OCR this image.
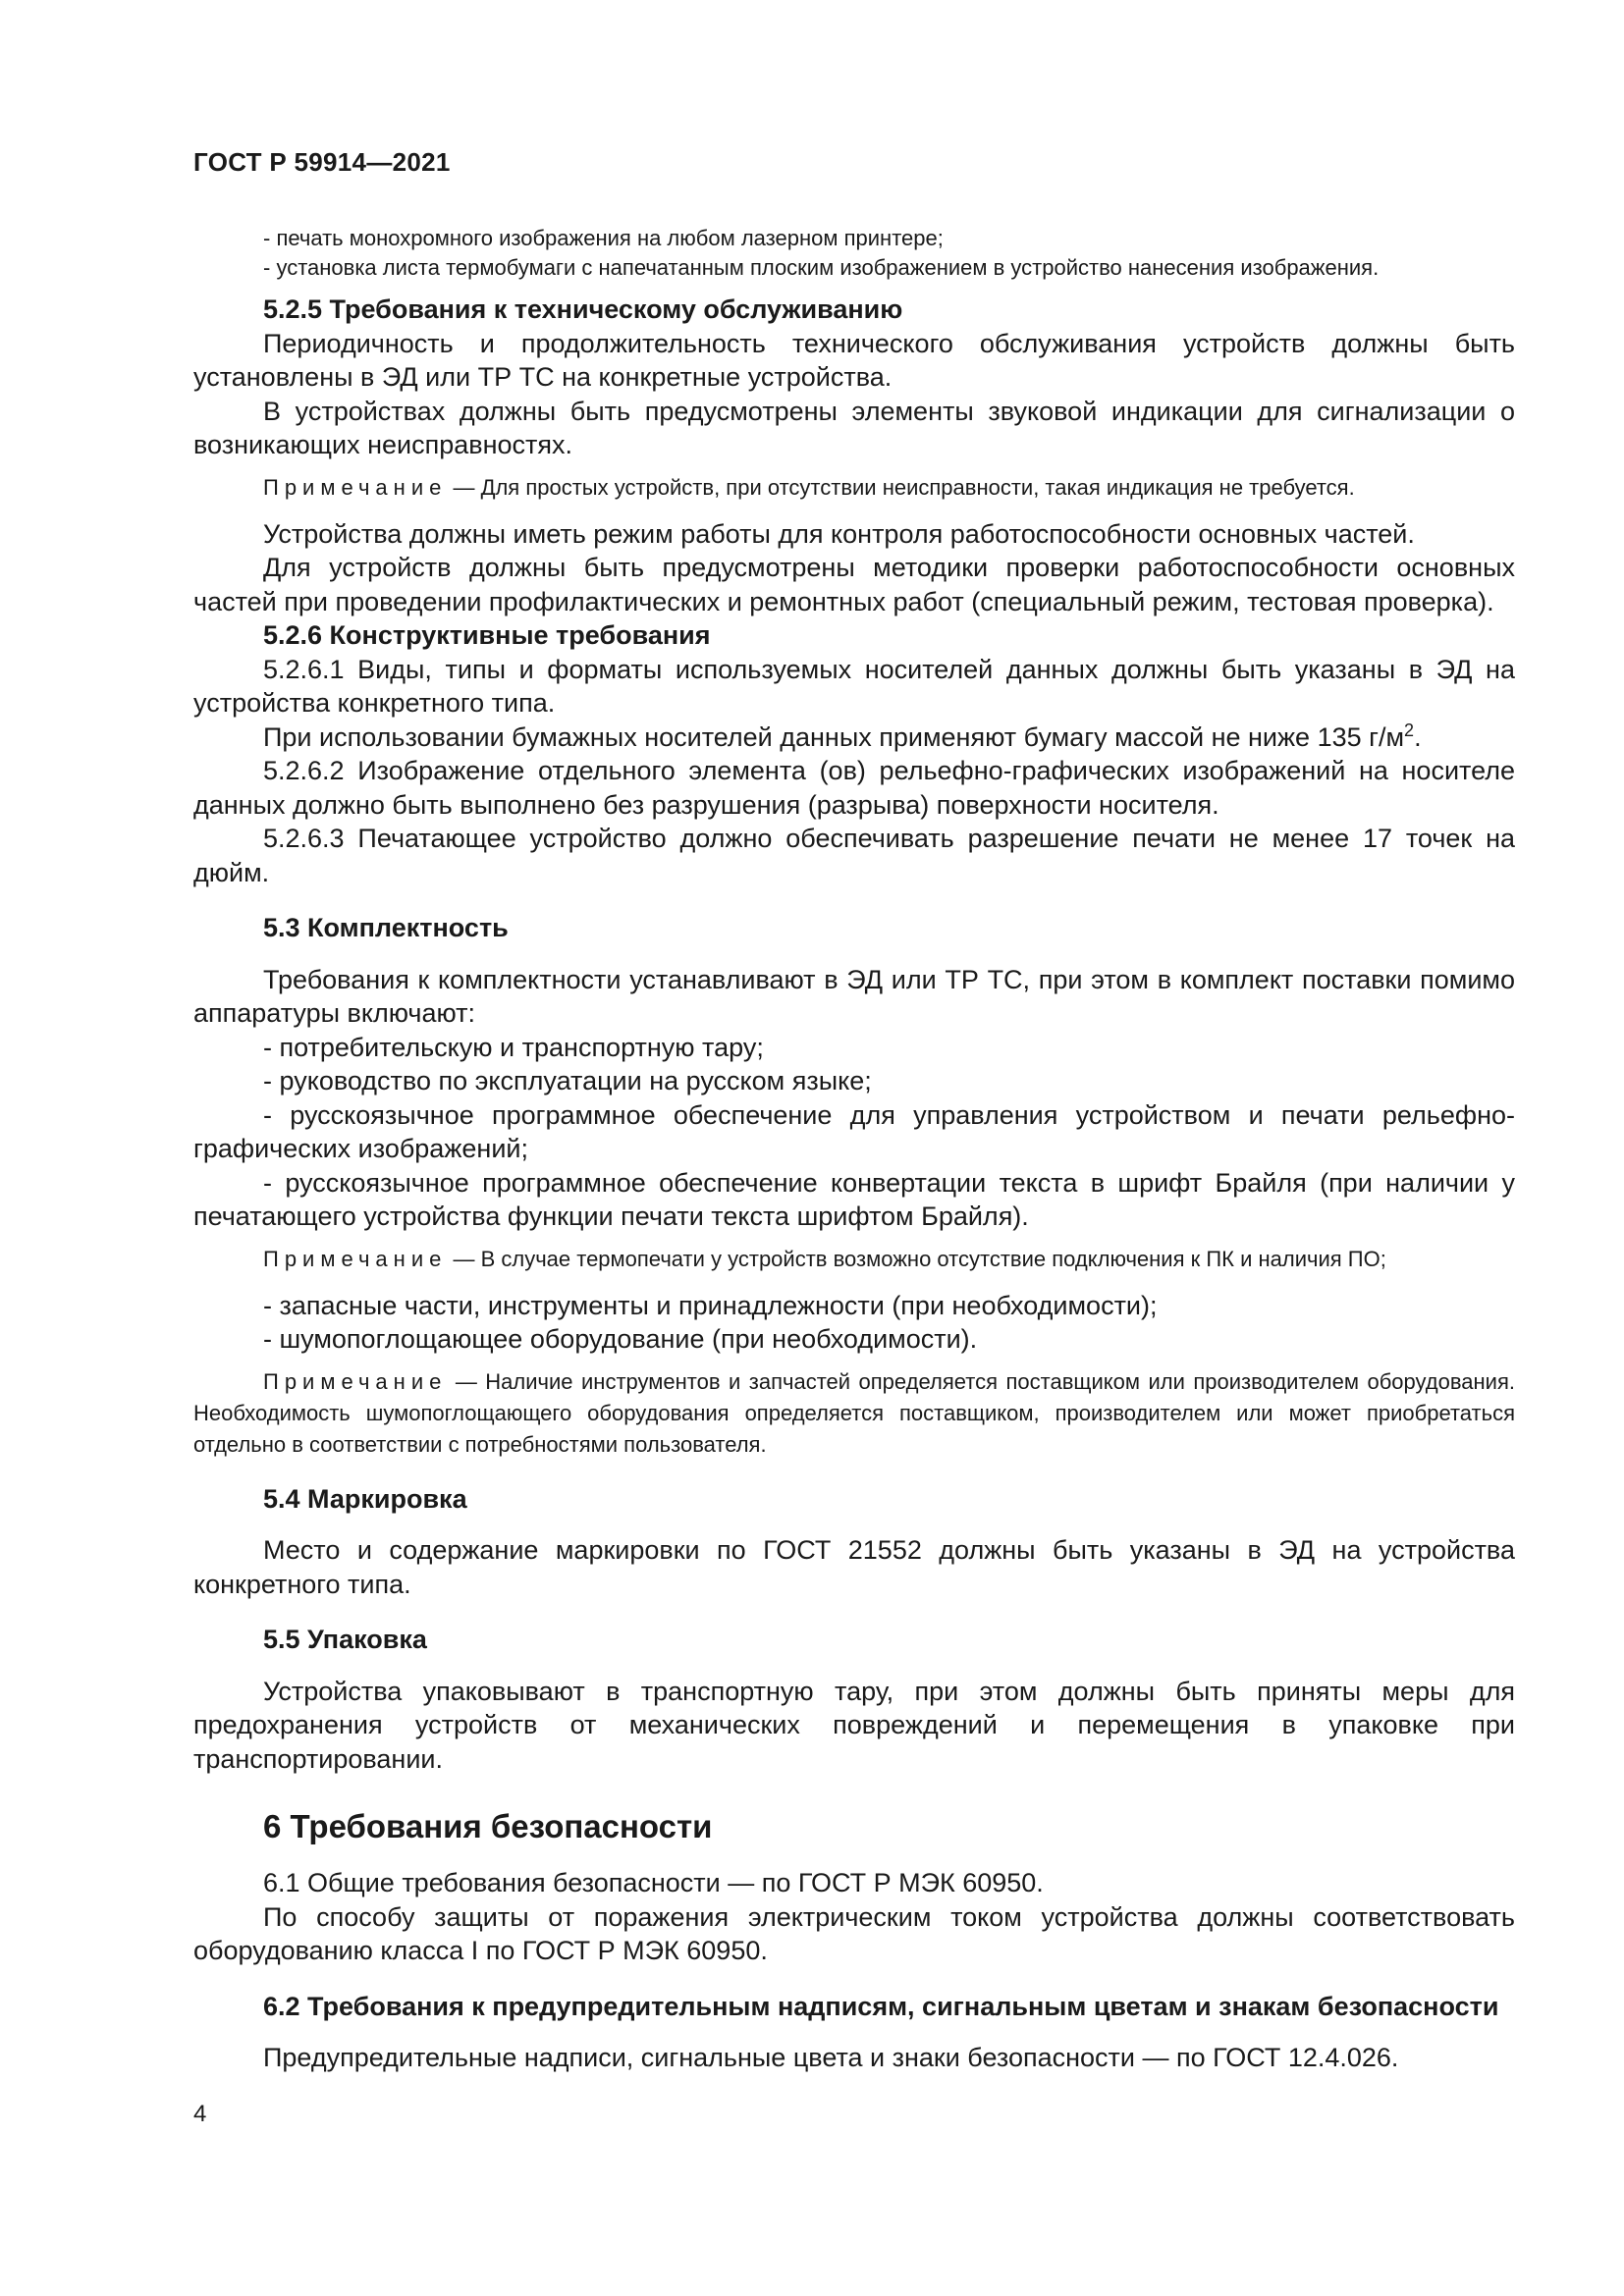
ГОСТ Р 59914—2021

- печать монохромного изображения на любом лазерном принтере;

- установка листа термобумаги с напечатанным плоским изображением в устройство нанесения изображения.

5.2.5 Требования к техническому обслуживанию

Периодичность и продолжительность технического обслуживания устройств должны быть установлены в ЭД или ТР ТС на конкретные устройства.

В устройствах должны быть предусмотрены элементы звуковой индикации для сигнализации о возникающих неисправностях.

Примечание — Для простых устройств, при отсутствии неисправности, такая индикация не требуется.

Устройства должны иметь режим работы для контроля работоспособности основных частей.

Для устройств должны быть предусмотрены методики проверки работоспособности основных частей при проведении профилактических и ремонтных работ (специальный режим, тестовая проверка).

5.2.6 Конструктивные требования

5.2.6.1 Виды, типы и форматы используемых носителей данных должны быть указаны в ЭД на устройства конкретного типа.

При использовании бумажных носителей данных применяют бумагу массой не ниже 135 $г/м^2$.

5.2.6.2 Изображение отдельного элемента (ов) рельефно-графических изображений на носителе данных должно быть выполнено без разрушения (разрыва) поверхности носителя.

5.2.6.3 Печатающее устройство должно обеспечивать разрешение печати не менее 17 точек на дюйм.

5.3 Комплектность

Требования к комплектности устанавливают в ЭД или ТР ТС, при этом в комплект поставки помимо аппаратуры включают:

- потребительскую и транспортную тару;

- руководство по эксплуатации на русском языке;

- русскоязычное программное обеспечение для управления устройством и печати рельефно-графических изображений;

- русскоязычное программное обеспечение конвертации текста в шрифт Брайля (при наличии у печатающего устройства функции печати текста шрифтом Брайля).

Примечание — В случае термопечати у устройств возможно отсутствие подключения к ПК и наличия ПО;

- запасные части, инструменты и принадлежности (при необходимости);

- шумопоглощающее оборудование (при необходимости).

Примечание — Наличие инструментов и запчастей определяется поставщиком или производителем оборудования. Необходимость шумопоглощающего оборудования определяется поставщиком, производителем или может приобретаться отдельно в соответствии с потребностями пользователя.

5.4 Маркировка

Место и содержание маркировки по ГОСТ 21552 должны быть указаны в ЭД на устройства конкретного типа.

5.5 Упаковка

Устройства упаковывают в транспортную тару, при этом должны быть приняты меры для предохранения устройств от механических повреждений и перемещения в упаковке при транспортировании.

6 Требования безопасности

6.1 Общие требования безопасности — по ГОСТ Р МЭК 60950.

По способу защиты от поражения электрическим током устройства должны соответствовать оборудованию класса I по ГОСТ Р МЭК 60950.

6.2 Требования к предупредительным надписям, сигнальным цветам и знакам безопасности

Предупредительные надписи, сигнальные цвета и знаки безопасности — по ГОСТ 12.4.026.

4
